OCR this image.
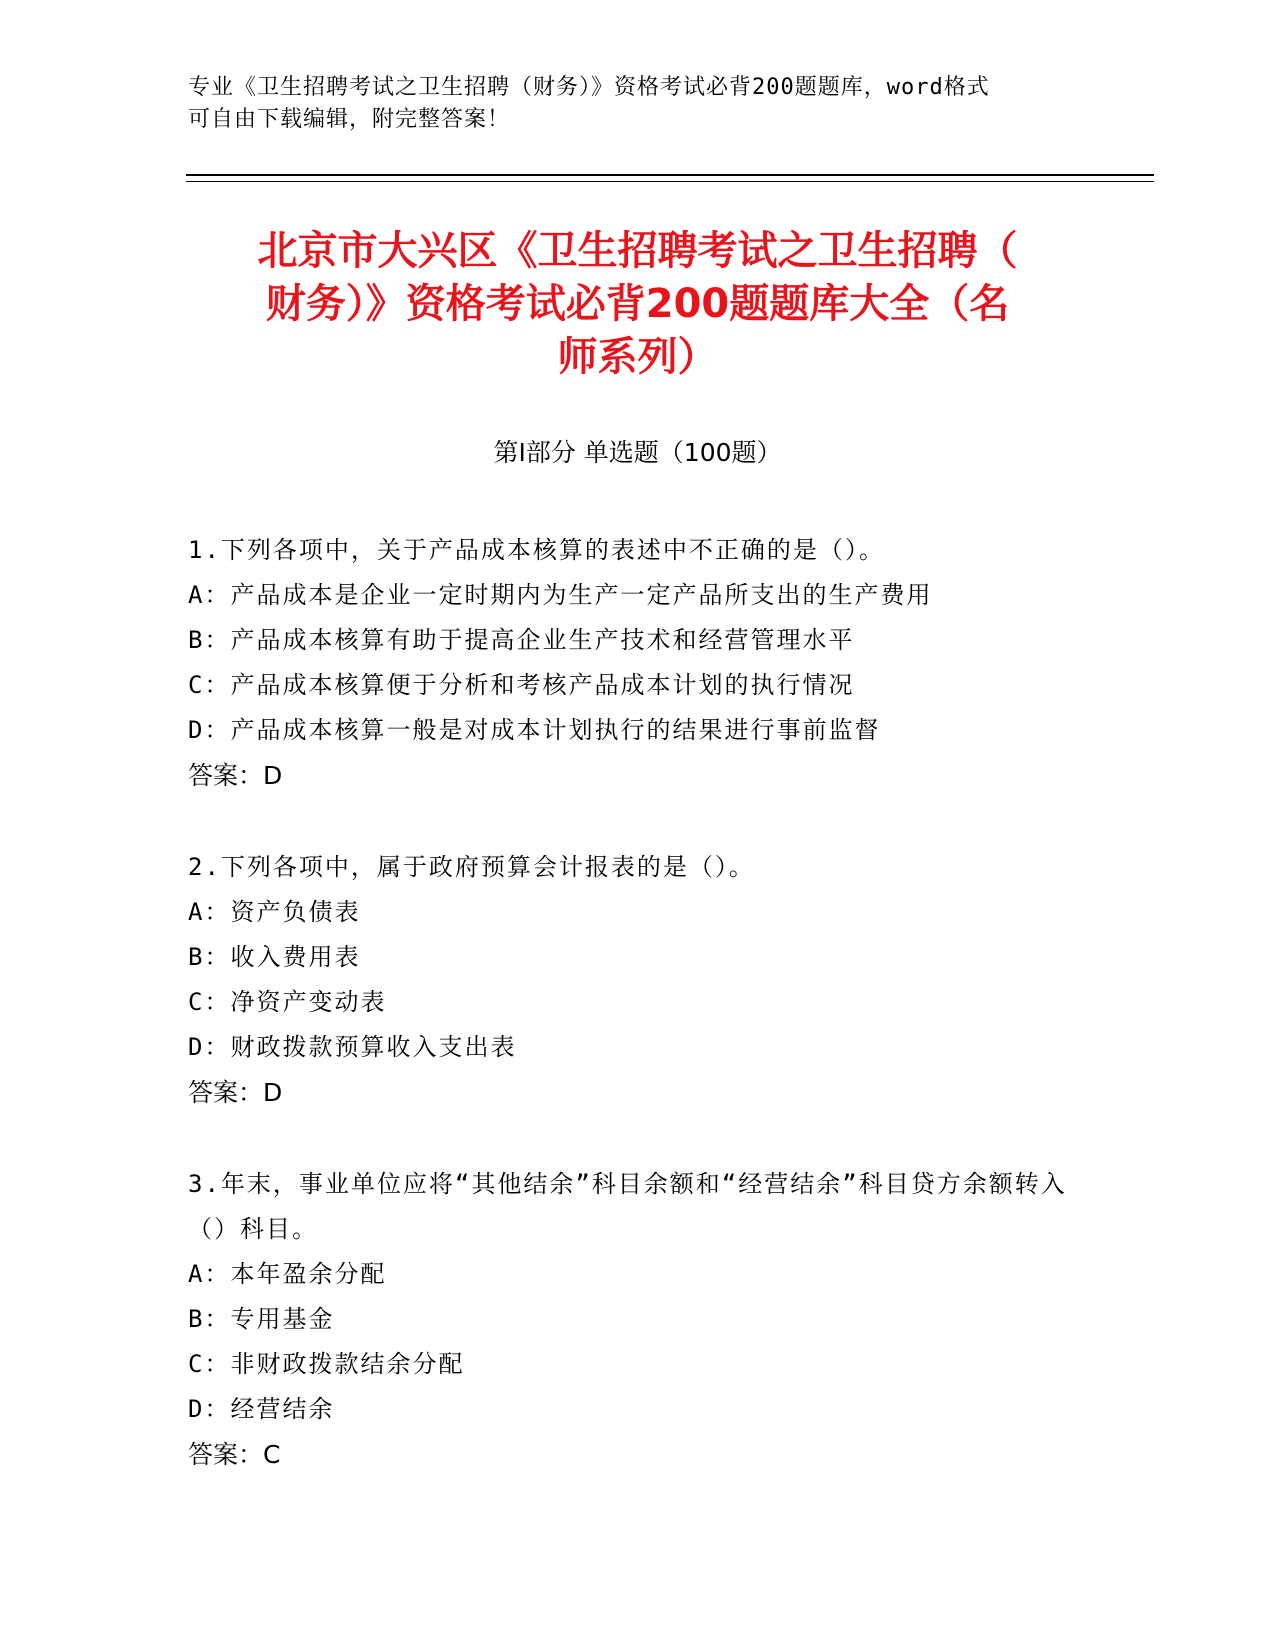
专业《卫生招聘考试之卫生招聘（财务）》资格考试必背200题题库，word格式
可自由下载编辑，附完整答案！
北京市大兴区《卫生招聘考试之卫生招聘（
财务）》资格考试必背200题题库大全（名
师系列）
第Ⅰ部分 单选题（100题）
1.下列各项中，关于产品成本核算的表述中不正确的是（）。
A：产品成本是企业一定时期内为生产一定产品所支出的生产费用
B：产品成本核算有助于提高企业生产技术和经营管理水平
C：产品成本核算便于分析和考核产品成本计划的执行情况
D：产品成本核算一般是对成本计划执行的结果进行事前监督
答案：D
2.下列各项中，属于政府预算会计报表的是（）。
A：资产负债表
B：收入费用表
C：净资产变动表
D：财政拨款预算收入支出表
答案：D
3.年末，事业单位应将“其他结余”科目余额和“经营结余”科目贷方余额转入（）科目。
A：本年盈余分配
B：专用基金
C：非财政拨款结余分配
D：经营结余
答案：C
